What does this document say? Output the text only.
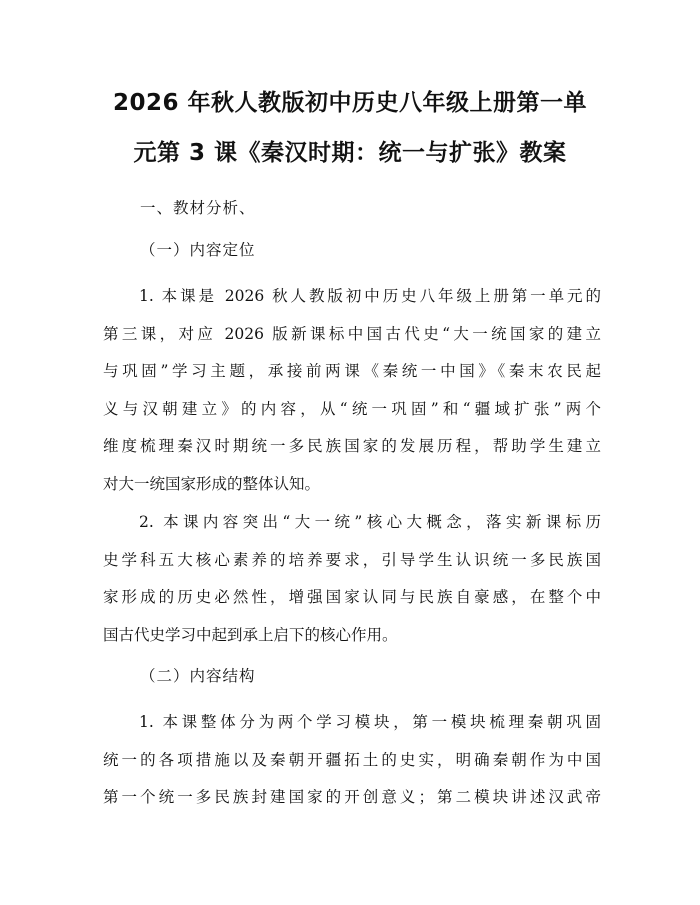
2026 年秋人教版初中历史八年级上册第一单
元第 3 课《秦汉时期：统一与扩张》教案
一、教材分析、
（一）内容定位
1. 本课是 2026 秋人教版初中历史八年级上册第一单元的
第三课，对应 2026 版新课标中国古代史“大一统国家的建立
与巩固”学习主题，承接前两课《秦统一中国》《秦末农民起
义与汉朝建立》的内容，从“统一巩固”和“疆域扩张”两个
维度梳理秦汉时期统一多民族国家的发展历程，帮助学生建立
对大一统国家形成的整体认知。
2. 本课内容突出“大一统”核心大概念，落实新课标历
史学科五大核心素养的培养要求，引导学生认识统一多民族国
家形成的历史必然性，增强国家认同与民族自豪感，在整个中
国古代史学习中起到承上启下的核心作用。
（二）内容结构
1. 本课整体分为两个学习模块，第一模块梳理秦朝巩固
统一的各项措施以及秦朝开疆拓土的史实，明确秦朝作为中国
第一个统一多民族封建国家的开创意义；第二模块讲述汉武帝
